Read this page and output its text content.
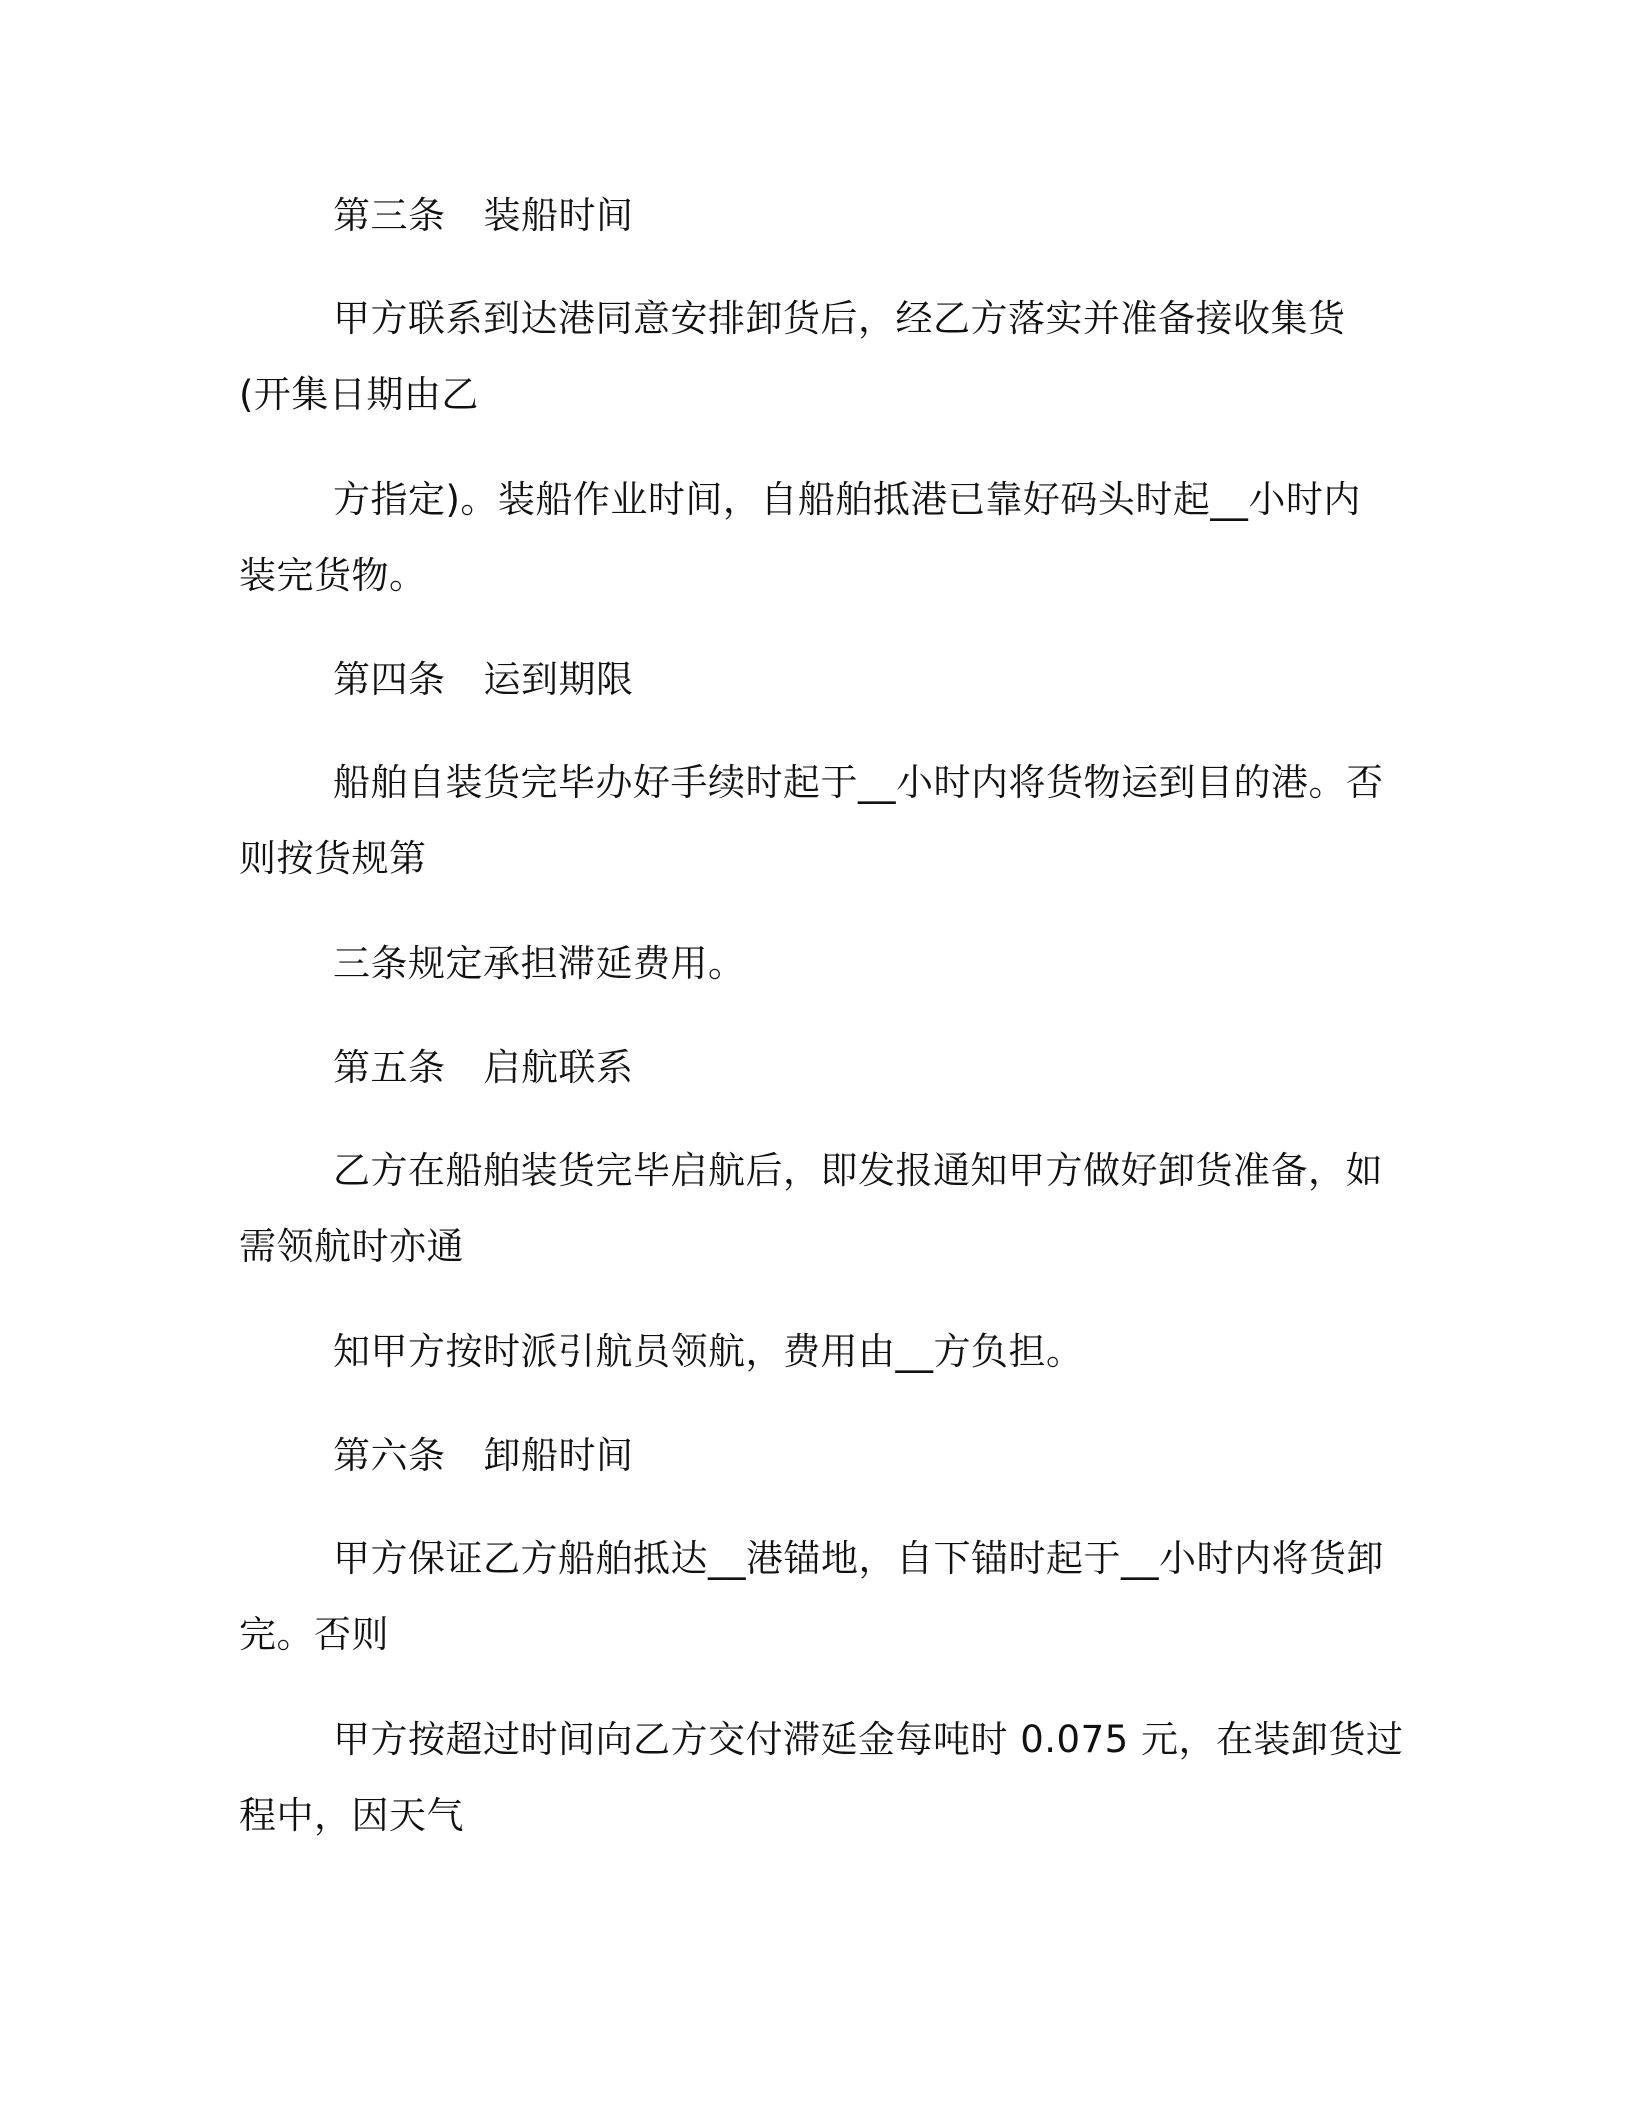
第三条 装船时间
甲方联系到达港同意安排卸货后，经乙方落实并准备接收集货
(开集日期由乙
方指定)。装船作业时间，自船舶抵港已靠好码头时起__小时内
装完货物。
第四条 运到期限
船舶自装货完毕办好手续时起于__小时内将货物运到目的港。否
则按货规第
三条规定承担滞延费用。
第五条 启航联系
乙方在船舶装货完毕启航后，即发报通知甲方做好卸货准备，如
需领航时亦通
知甲方按时派引航员领航，费用由__方负担。
第六条 卸船时间
甲方保证乙方船舶抵达__港锚地，自下锚时起于__小时内将货卸
完。否则
甲方按超过时间向乙方交付滞延金每吨时 0.075 元，在装卸货过
程中，因天气
